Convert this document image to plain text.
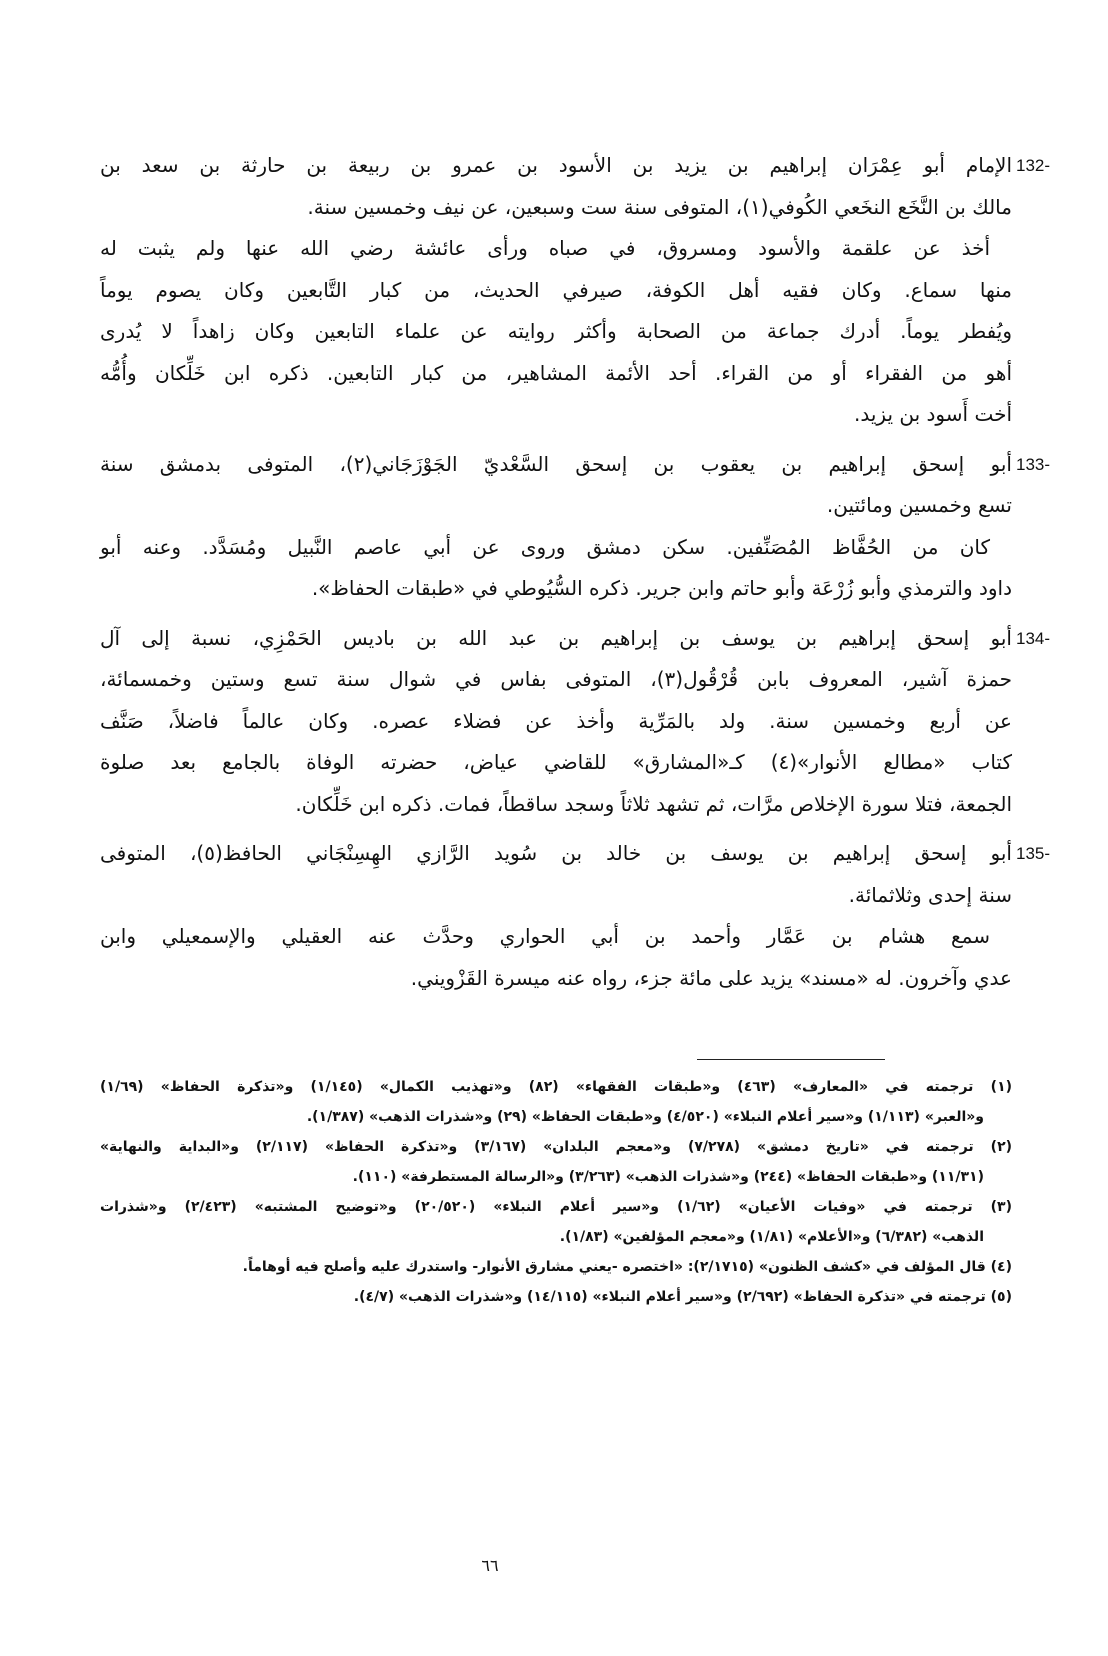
132-
الإمام أبو عِمْرَان إبراهيم بن يزيد بن الأسود بن عمرو بن ربيعة بن حارثة بن سعد بن
مالك بن النَّخَع النخَعي الكُوفي(١)، المتوفى سنة ست وسبعين، عن نيف وخمسين سنة.
أخذ عن علقمة والأسود ومسروق، في صباه ورأى عائشة رضي الله عنها ولم يثبت له
منها سماع. وكان فقيه أهل الكوفة، صيرفي الحديث، من كبار التَّابعين وكان يصوم يوماً
ويُفطر يوماً. أدرك جماعة من الصحابة وأكثر روايته عن علماء التابعين وكان زاهداً لا يُدرى
أهو من الفقراء أو من القراء. أحد الأئمة المشاهير، من كبار التابعين. ذكره ابن خَلِّكان وأُمُّه
أخت أَسود بن يزيد.
133-
أبو إسحق إبراهيم بن يعقوب بن إسحق السَّعْديّ الجَوْزَجَاني(٢)، المتوفى بدمشق سنة
تسع وخمسين ومائتين.
كان من الحُفَّاظ المُصَنِّفين. سكن دمشق وروى عن أبي عاصم النَّبيل ومُسَدَّد. وعنه أبو
داود والترمذي وأبو زُرْعَة وأبو حاتم وابن جرير. ذكره السُّيُوطي في «طبقات الحفاظ».
134-
أبو إسحق إبراهيم بن يوسف بن إبراهيم بن عبد الله بن باديس الحَمْزِي، نسبة إلى آل
حمزة آشير، المعروف بابن قُرْقُول(٣)، المتوفى بفاس في شوال سنة تسع وستين وخمسمائة،
عن أربع وخمسين سنة. ولد بالمَرِّية وأخذ عن فضلاء عصره. وكان عالماً فاضلاً، صَنَّف
كتاب «مطالع الأنوار»(٤) كـ«المشارق» للقاضي عياض، حضرته الوفاة بالجامع بعد صلوة
الجمعة، فتلا سورة الإخلاص مرَّات، ثم تشهد ثلاثاً وسجد ساقطاً، فمات. ذكره ابن خَلِّكان.
135-
أبو إسحق إبراهيم بن يوسف بن خالد بن سُويد الرَّازي الهِسِنْجَاني الحافظ(٥)، المتوفى
سنة إحدى وثلاثمائة.
سمع هشام بن عَمَّار وأحمد بن أبي الحواري وحدَّث عنه العقيلي والإسمعيلي وابن
عدي وآخرون. له «مسند» يزيد على مائة جزء، رواه عنه ميسرة القَزْويني.
(١) ترجمته في «المعارف» (٤٦٣) و«طبقات الفقهاء» (٨٢) و«تهذيب الكمال» (١/١٤٥) و«تذكرة الحفاظ» (١/٦٩)
و«العبر» (١/١١٣) و«سير أعلام النبلاء» (٤/٥٢٠) و«طبقات الحفاظ» (٢٩) و«شذرات الذهب» (١/٣٨٧).
(٢) ترجمته في «تاريخ دمشق» (٧/٢٧٨) و«معجم البلدان» (٣/١٦٧) و«تذكرة الحفاظ» (٢/١١٧) و«البداية والنهاية»
(١١/٣١) و«طبقات الحفاظ» (٢٤٤) و«شذرات الذهب» (٣/٢٦٣) و«الرسالة المستطرفة» (١١٠).
(٣) ترجمته في «وفيات الأعيان» (١/٦٢) و«سير أعلام النبلاء» (٢٠/٥٢٠) و«توضيح المشتبه» (٢/٤٢٣) و«شذرات
الذهب» (٦/٣٨٢) و«الأعلام» (١/٨١) و«معجم المؤلفين» (١/٨٣).
(٤) قال المؤلف في «كشف الظنون» (٢/١٧١٥): «اختصره -يعني مشارق الأنوار- واستدرك عليه وأصلح فيه أوهاماً.
(٥) ترجمته في «تذكرة الحفاظ» (٢/٦٩٢) و«سير أعلام النبلاء» (١٤/١١٥) و«شذرات الذهب» (٤/٧).
٦٦
